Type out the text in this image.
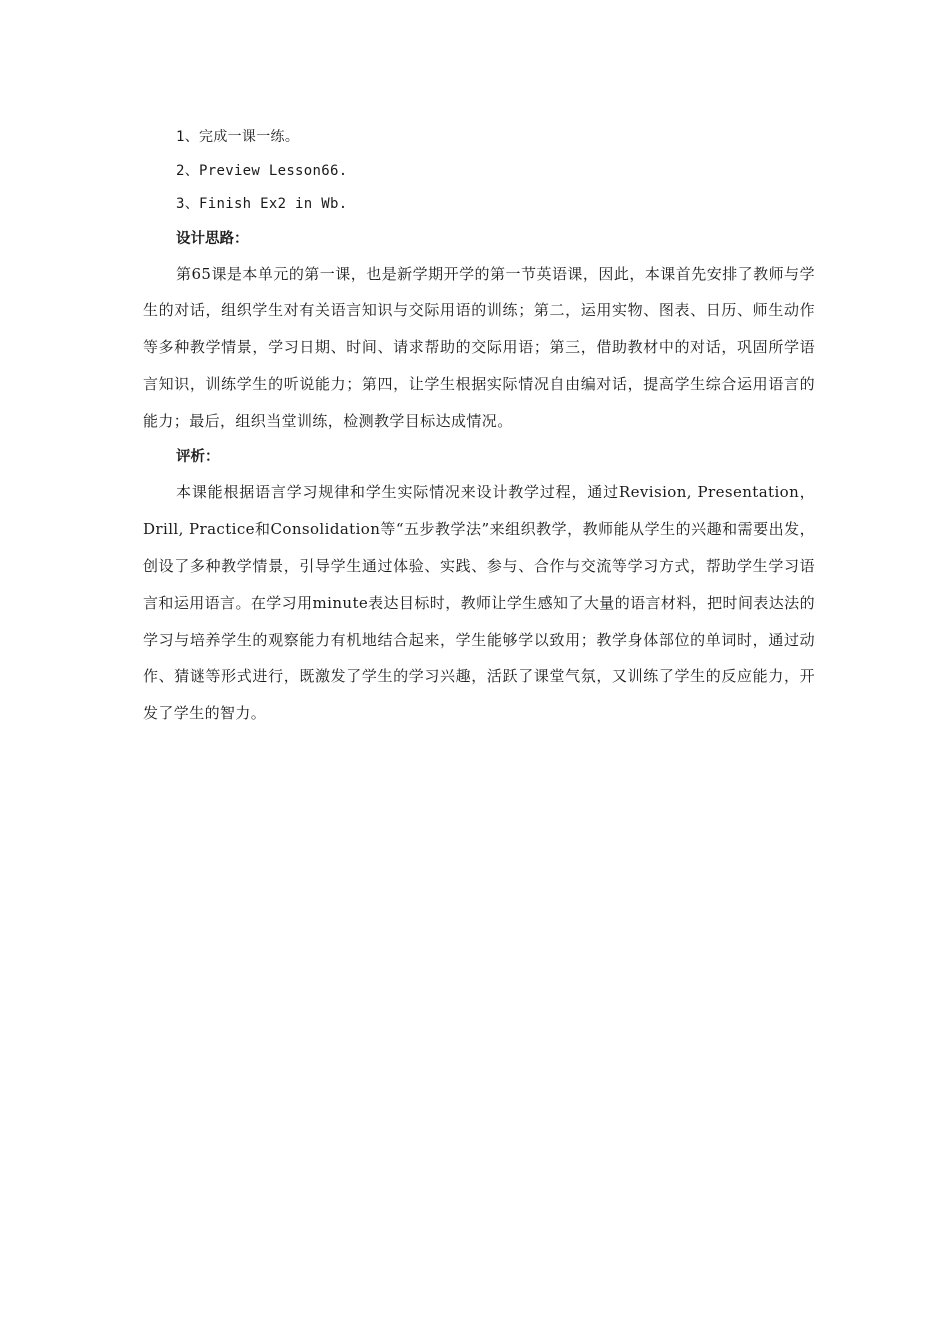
1、完成一课一练。
2、Preview Lesson66.
3、Finish Ex2 in Wb.
设计思路：

第65课是本单元的第一课，也是新学期开学的第一节英语课，因此，本课首先安排了教师与学生的对话，组织学生对有关语言知识与交际用语的训练；第二，运用实物、图表、日历、师生动作等多种教学情景，学习日期、时间、请求帮助的交际用语；第三，借助教材中的对话，巩固所学语言知识，训练学生的听说能力；第四，让学生根据实际情况自由编对话，提高学生综合运用语言的能力；最后，组织当堂训练，检测教学目标达成情况。

评析：

本课能根据语言学习规律和学生实际情况来设计教学过程，通过Revision, Presentation，Drill, Practice和Consolidation等“五步教学法”来组织教学，教师能从学生的兴趣和需要出发，创设了多种教学情景，引导学生通过体验、实践、参与、合作与交流等学习方式，帮助学生学习语言和运用语言。在学习用minute表达目标时，教师让学生感知了大量的语言材料，把时间表达法的学习与培养学生的观察能力有机地结合起来，学生能够学以致用；教学身体部位的单词时，通过动作、猜谜等形式进行，既激发了学生的学习兴趣，活跃了课堂气氛，又训练了学生的反应能力，开发了学生的智力。
